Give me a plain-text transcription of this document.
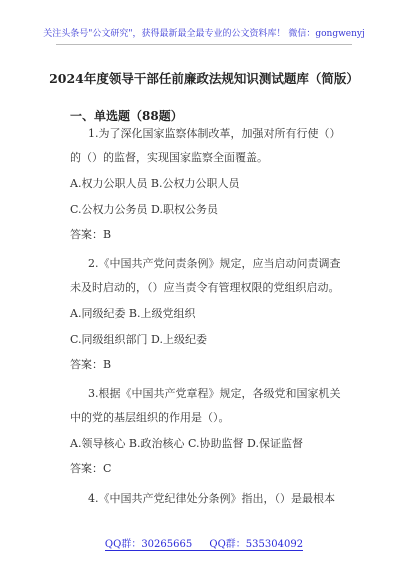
关注头条号"公文研究"，获得最新最全最专业的公文资料库！ 微信：gongwenyj
2024年度领导干部任前廉政法规知识测试题库（简版）
一、单选题（88题）

1.为了深化国家监察体制改革，加强对所有行使（）

的（）的监督，实现国家监察全面覆盖。

A.权力公职人员 B.公权力公职人员

C.公权力公务员 D.职权公务员

答案：B

2.《中国共产党问责条例》规定，应当启动问责调查

未及时启动的，（）应当责令有管理权限的党组织启动。

A.同级纪委 B.上级党组织

C.同级组织部门 D.上级纪委

答案：B

3.根据《中国共产党章程》规定，各级党和国家机关

中的党的基层组织的作用是（）。

A.领导核心 B.政治核心 C.协助监督 D.保证监督

答案：C

4.《中国共产党纪律处分条例》指出，（）是最根本

QQ群：30265665 QQ群：535304092
